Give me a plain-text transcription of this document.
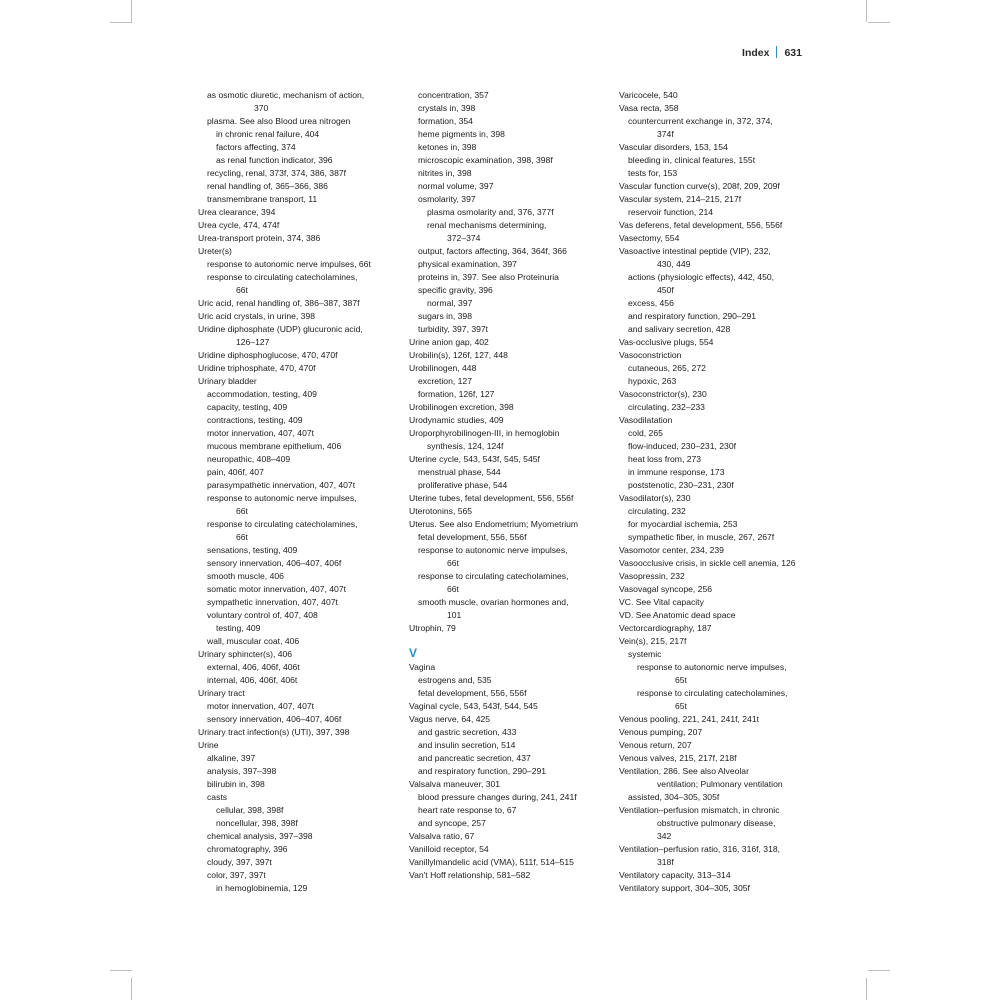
Index 631
as osmotic diuretic, mechanism of action,
370
plasma. See also Blood urea nitrogen
in chronic renal failure, 404
factors affecting, 374
as renal function indicator, 396
recycling, renal, 373f, 374, 386, 387f
renal handling of, 365–366, 386
transmembrane transport, 11
Urea clearance, 394
Urea cycle, 474, 474f
Urea-transport protein, 374, 386
Ureter(s)
response to autonomic nerve impulses, 66t
response to circulating catecholamines,
66t
Uric acid, renal handling of, 386–387, 387f
Uric acid crystals, in urine, 398
Uridine diphosphate (UDP) glucuronic acid,
126–127
Uridine diphosphoglucose, 470, 470f
Uridine triphosphate, 470, 470f
Urinary bladder
accommodation, testing, 409
capacity, testing, 409
contractions, testing, 409
motor innervation, 407, 407t
mucous membrane epithelium, 406
neuropathic, 408–409
pain, 406f, 407
parasympathetic innervation, 407, 407t
response to autonomic nerve impulses,
66t
response to circulating catecholamines,
66t
sensations, testing, 409
sensory innervation, 406–407, 406f
smooth muscle, 406
somatic motor innervation, 407, 407t
sympathetic innervation, 407, 407t
voluntary control of, 407, 408
testing, 409
wall, muscular coat, 406
Urinary sphincter(s), 406
external, 406, 406f, 406t
internal, 406, 406f, 406t
Urinary tract
motor innervation, 407, 407t
sensory innervation, 406–407, 406f
Urinary tract infection(s) (UTI), 397, 398
Urine
alkaline, 397
analysis, 397–398
bilirubin in, 398
casts
cellular, 398, 398f
noncellular, 398, 398f
chemical analysis, 397–398
chromatography, 396
cloudy, 397, 397t
color, 397, 397t
in hemoglobinemia, 129
concentration, 357
crystals in, 398
formation, 354
heme pigments in, 398
ketones in, 398
microscopic examination, 398, 398f
nitrites in, 398
normal volume, 397
osmolarity, 397
plasma osmolarity and, 376, 377f
renal mechanisms determining,
372–374
output, factors affecting, 364, 364f, 366
physical examination, 397
proteins in, 397. See also Proteinuria
specific gravity, 396
normal, 397
sugars in, 398
turbidity, 397, 397t
Urine anion gap, 402
Urobilin(s), 126f, 127, 448
Urobilinogen, 448
excretion, 127
formation, 126f, 127
Urobilinogen excretion, 398
Urodynamic studies, 409
Uroporphyrobilinogen-III, in hemoglobin
synthesis, 124, 124f
Uterine cycle, 543, 543f, 545, 545f
menstrual phase, 544
proliferative phase, 544
Uterine tubes, fetal development, 556, 556f
Uterotonins, 565
Uterus. See also Endometrium; Myometrium
fetal development, 556, 556f
response to autonomic nerve impulses,
66t
response to circulating catecholamines,
66t
smooth muscle, ovarian hormones and,
101
Utrophin, 79
V
Vagina
estrogens and, 535
fetal development, 556, 556f
Vaginal cycle, 543, 543f, 544, 545
Vagus nerve, 64, 425
and gastric secretion, 433
and insulin secretion, 514
and pancreatic secretion, 437
and respiratory function, 290–291
Valsalva maneuver, 301
blood pressure changes during, 241, 241f
heart rate response to, 67
and syncope, 257
Valsalva ratio, 67
Vanilloid receptor, 54
Vanillylmandelic acid (VMA), 511f, 514–515
Van't Hoff relationship, 581–582
Varicocele, 540
Vasa recta, 358
countercurrent exchange in, 372, 374,
374f
Vascular disorders, 153, 154
bleeding in, clinical features, 155t
tests for, 153
Vascular function curve(s), 208f, 209, 209f
Vascular system, 214–215, 217f
reservoir function, 214
Vas deferens, fetal development, 556, 556f
Vasectomy, 554
Vasoactive intestinal peptide (VIP), 232,
430, 449
actions (physiologic effects), 442, 450,
450f
excess, 456
and respiratory function, 290–291
and salivary secretion, 428
Vas-occlusive plugs, 554
Vasoconstriction
cutaneous, 265, 272
hypoxic, 263
Vasoconstrictor(s), 230
circulating, 232–233
Vasodilatation
cold, 265
flow-induced, 230–231, 230f
heat loss from, 273
in immune response, 173
poststenotic, 230–231, 230f
Vasodilator(s), 230
circulating, 232
for myocardial ischemia, 253
sympathetic fiber, in muscle, 267, 267f
Vasomotor center, 234, 239
Vasoocclusive crisis, in sickle cell anemia, 126
Vasopressin, 232
Vasovagal syncope, 256
VC. See Vital capacity
VD. See Anatomic dead space
Vectorcardiography, 187
Vein(s), 215, 217f
systemic
response to autonomic nerve impulses,
65t
response to circulating catecholamines,
65t
Venous pooling, 221, 241, 241f, 241t
Venous pumping, 207
Venous return, 207
Venous valves, 215, 217f, 218f
Ventilation, 286. See also Alveolar
ventilation; Pulmonary ventilation
assisted, 304–305, 305f
Ventilation–perfusion mismatch, in chronic
obstructive pulmonary disease,
342
Ventilation–perfusion ratio, 316, 316f, 318,
318f
Ventilatory capacity, 313–314
Ventilatory support, 304–305, 305f
